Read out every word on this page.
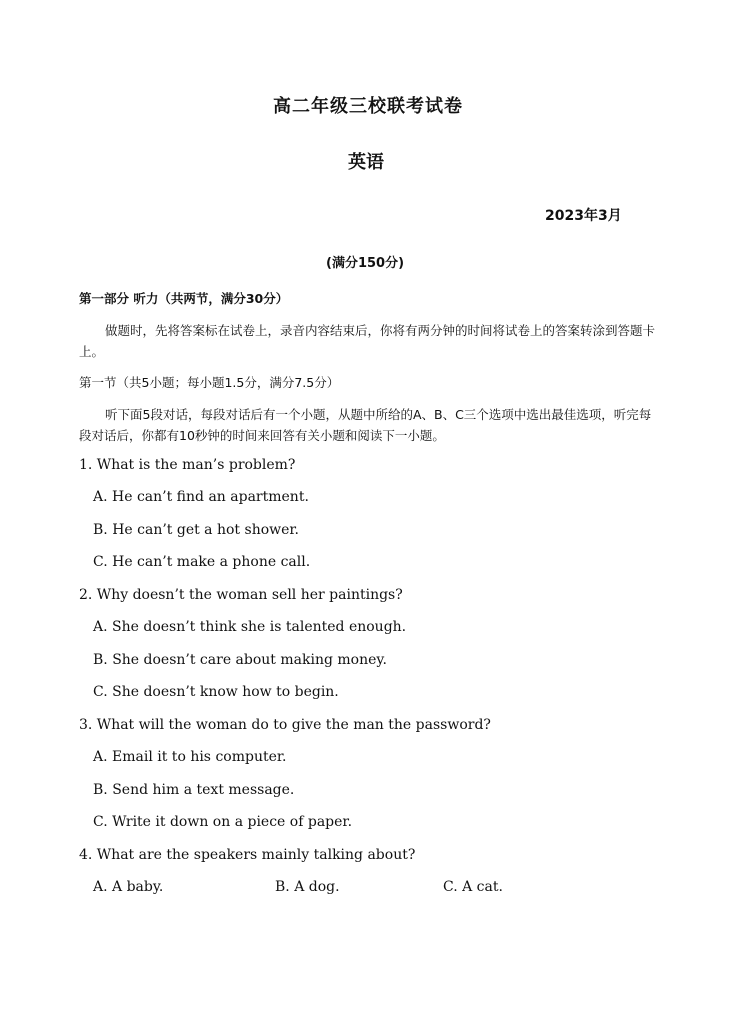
高二年级三校联考试卷
英语
2023年3月
(满分150分)
第一部分 听力（共两节，满分30分）
做题时，先将答案标在试卷上，录音内容结束后，你将有两分钟的时间将试卷上的答案转涂到答题卡上。
第一节（共5小题；每小题1.5分，满分7.5分）
听下面5段对话，每段对话后有一个小题，从题中所给的A、B、C三个选项中选出最佳选项，听完每段对话后，你都有10秒钟的时间来回答有关小题和阅读下一小题。
1. What is the man’s problem?
A. He can’t find an apartment.
B. He can’t get a hot shower.
C. He can’t make a phone call.
2. Why doesn’t the woman sell her paintings?
A. She doesn’t think she is talented enough.
B. She doesn’t care about making money.
C. She doesn’t know how to begin.
3. What will the woman do to give the man the password?
A. Email it to his computer.
B. Send him a text message.
C. Write it down on a piece of paper.
4. What are the speakers mainly talking about?
A. A baby.	B. A dog.	C. A cat.
